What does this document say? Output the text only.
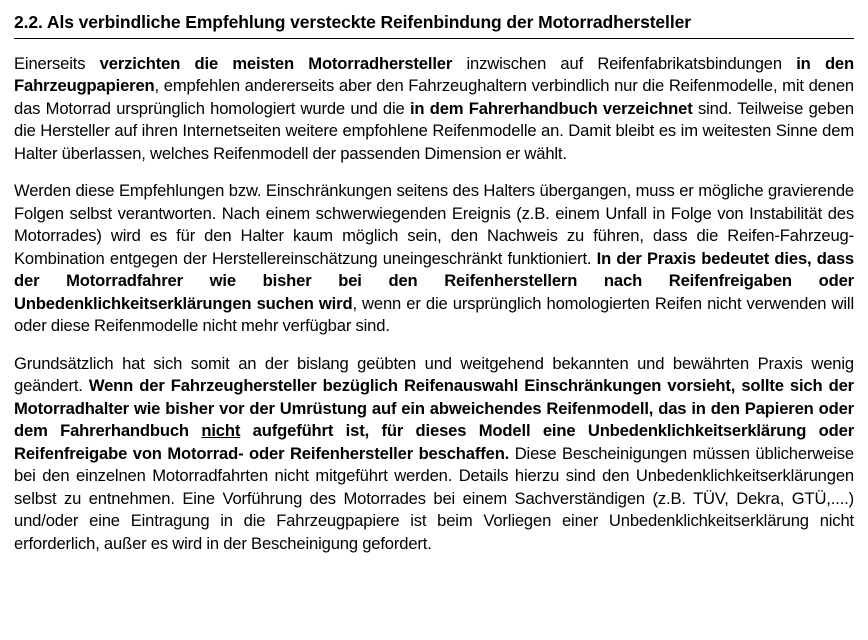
2.2. Als verbindliche Empfehlung versteckte Reifenbindung der Motorradhersteller

Einerseits verzichten die meisten Motorradhersteller inzwischen auf Reifenfabrikatsbindungen in den Fahrzeugpapieren, empfehlen andererseits aber den Fahrzeughaltern verbindlich nur die Reifenmodelle, mit denen das Motorrad ursprünglich homologiert wurde und die in dem Fahrerhandbuch verzeichnet sind. Teilweise geben die Hersteller auf ihren Internetseiten weitere empfohlene Reifenmodelle an. Damit bleibt es im weitesten Sinne dem Halter überlassen, welches Reifenmodell der passenden Dimension er wählt.

Werden diese Empfehlungen bzw. Einschränkungen seitens des Halters übergangen, muss er mögliche gravierende Folgen selbst verantworten. Nach einem schwerwiegenden Ereignis (z.B. einem Unfall in Folge von Instabilität des Motorrades) wird es für den Halter kaum möglich sein, den Nachweis zu führen, dass die Reifen-Fahrzeug-Kombination entgegen der Herstellereinschätzung uneingeschränkt funktioniert. In der Praxis bedeutet dies, dass der Motorradfahrer wie bisher bei den Reifenherstellern nach Reifenfreigaben oder Unbedenklichkeitserklärungen suchen wird, wenn er die ursprünglich homologierten Reifen nicht verwenden will oder diese Reifenmodelle nicht mehr verfügbar sind.

Grundsätzlich hat sich somit an der bislang geübten und weitgehend bekannten und bewährten Praxis wenig geändert. Wenn der Fahrzeughersteller bezüglich Reifenauswahl Einschränkungen vorsieht, sollte sich der Motorradhalter wie bisher vor der Umrüstung auf ein abweichendes Reifenmodell, das in den Papieren oder dem Fahrerhandbuch nicht aufgeführt ist, für dieses Modell eine Unbedenklichkeitserklärung oder Reifenfreigabe von Motorrad- oder Reifenhersteller beschaffen. Diese Bescheinigungen müssen üblicherweise bei den einzelnen Motorradfahrten nicht mitgeführt werden. Details hierzu sind den Unbedenklichkeitserklärungen selbst zu entnehmen. Eine Vorführung des Motorrades bei einem Sachverständigen (z.B. TÜV, Dekra, GTÜ,....) und/oder eine Eintragung in die Fahrzeugpapiere ist beim Vorliegen einer Unbedenklichkeitserklärung nicht erforderlich, außer es wird in der Bescheinigung gefordert.
